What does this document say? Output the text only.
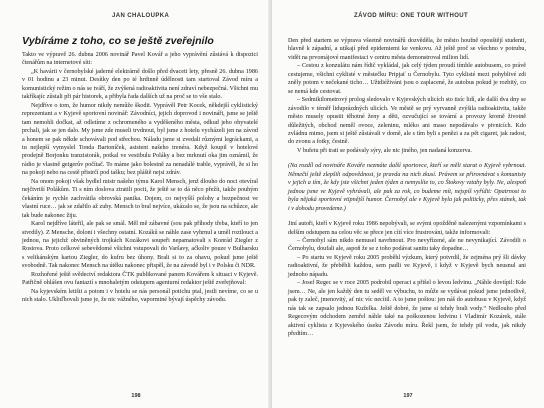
JAN CHALOUPKA
Vybíráme z toho, co se ještě zveřejnilo

Takto ve výpravě 26. dubna 2006 novinář Pavel Kovář a jeho vyprávění zůstává k dispozici čtenářům na internetové síti:

„K havárii v černobylské jaderné elektrárně došlo před dvaceti lety, přesně 26. dubna 1986 v 01 hodinu a 23 minut. Desítky den po té hrdinně údělnosti tam startoval Závod míru a komunistický režim o nás se tváří, že zvýšená radioaktivita není zdraví nebezpečná. Všichni mu takříkajíc zůstali při pár historek, a přibyla řada dalších už na proč se to vše stalo.

Nejdříve o tom, že humor nikdy nemůže škodit. Vyprávěl Petr Kocek, někdejší cyklistický reprezentant a v Kyjevě sportovní novinář: Závodníci, jejich doprovod i novináři, jsme se ještě tam nemohli dočkat, až odletíme z ochromeného a vyděšeného města, odkud jeho obyvatelé prchali, jak se jen dalo. My jsme zde museli trvdnout, byl jsme z hotelu vycházeli jen na závod a honem se pak někde schovávali pod střechou. Náladu jsme si zvedali různými legráckami, a tu nejlepší vymyslel Tonda Bartoníček, asistent našeho trenéra. Když koupil v hotelové prodejně Borjonku tranzistorák, potkal ve vestibulu Poláky a bez mrknutí oka jim oznámil, že rádio je vlastně geigerův počítač. To máme jako bolestně za nenadálé trable, vyprávěl, že si ho na pokoji nebo na cestě přistrčí pod tašku; bez pláště nejsi zdráv.

Na onom pokoji však bydlel mistr našeho týmu Karol Mensch, jenž dlouho do noci otevíral nejčtvrtší Polákům. Ti s ním doslova ztratili pocit, že ještě se to dá něco přežít, takže pouhým čekáním je rychle zachvátila obrovská panika. Dojem, co nejvyšší polohy a bezpečnost ve vlastní ruce… jak se zdařilo až zuby. Mensch to bral nejvíce, ukázalo se, že jsou na schůzce, ale tak bude nakonec žiju.

Karol nejdříve láteřil, ale pak se smál. Měl mě zábavné (sou pak příhody třeba, kteří to jen stvrdily). Z Mensche, doloni i všechny ostatní. Kozáků se náhle zase vyhrnul a uměl roztlouct a jednou, na jejichž obviněných trojkách Kozákovi soupeři nepamatovali s Konrád Ziegler z Rostova. Proto celkové sebevědomé všichni vstupovali do Varšavy, ačkoliv pouze v Bulharsku s velikánským kartou Ziegler, do kufru bez úhony. Brali si to za ohavu, pokud jsme ještě svobodně. Tak nakonec Mensch na útěku nakonec přispěl, že na závodě byl i v Polsku či NDR.

Rozhořené ještě svědectví redaktora ČTK publikované panem Kovářem k situaci v Kyjevě. Patřičně ohlášen ovu fantazií s mnohaletým odstupem agenturní redaktor ještě zveřejňoval:

Na kyjevském letišti a potom i v hotelu se nás personál potichu ptal, jestli nevíme, co se u nich stalo. Ukliďhovali jsme je, že nic vážného, vaporminé bývají úspěchy závodu.

198
ZÁVOD MÍRU: ONE TOUR WITHOUT

Den před startem se výprava všeetně novinářů dozvěděla, že město houfně opouštějí studenti, hlavně k západní, a utíkají před epidemiemi ke venkovu. Až ještě proč se všechno v potrubu, vidět na prvomájové manifestaci v centru města demonstroval milion lidí.

– Cestou z konzulátu nám řídič vykládal, jak celý týden proudí tímhle autobusem, co právě cestujeme, všichni cyklisté v městečku Pripjať u Černobylu. Tyto cyklisté mezi pohyblivé zdi zněly potom v nečekané ticho… Užtdiéživáni jsou o zaplacené, že autobus pokud je rozbitý, co se nemá kde cestovat.

– Sedmikilometrový prolog sledovalo v Kyjevských ulicích sto tisíc lidí, ale další dva dny se závodilo v téměř liduprázdných ulicích. Ve městě se prý vyrvanně zvýšila radioaktivita, takže město musely opustit těhotné ženy a děti, ozvučující se tovární a provozy kromě životně důležitých, obchod neměl ovoce, zeleninu, mléko ani maso nepodávalo v pivnicích. Kdo zvládnu mimo, jsem si ještě zůstávali v domě, ale s tím byli s penězi a za pět cigaret, jak radost, do zvonu a fotky, čestně.

V bufetu při trati se podávaly sýry, ale nic jiného, jen nadaná konzerva.

(Na rozdíl od novináře Kováře nezmáte další sportovce, kteří se měli starat o Kyjevě vybrnout. Němečtí ještě zlepšili odpovědnost, je pravda na nich zkusí. Právem se přirovnávat s komunisty v jejich a tím, že kdy jste všichni jeden týden a nemyslíte to, co Štokovy vztahy byly. Ne, alespoň jednou jsme ve Kyjevě vyhrávali, ale pak za rok, co budeme mít, nejspíš vyřídit: Opatrnost to byla nějaká sportovní vtipnější humor. Černobyl ale v Kyjevě byla jak politicky, přes stánek, tak i v dohodu provedeme.)

Jiní autoři, kteří v Kyjevě roku 1986 nepobývali, se svými opožděně nalezenými vzpomínkami s delším odstupem na celou věc se přece jen cítí více frustrováni, takže informovali:

– Černobyl sám nikdo nemusel navrhnout. Pro nevyřízené, ale ne nevynikající. Závodili o Černobylu, doufali ale, aspoň že se z toho podávat sanitu taky dopadne…

– Po startu ve Kyjevě roku 2005 proběhl výzkum, který potvrdil, že zejména prý šli dávky radioaktivní, že přeběhli každou, sem padli ve Kyjevě, i když v Kyjevě bych neusnul ani jednoho nápadu.

– Josef Regec se v roce 2005 podrobil operaci a přišel o levou ledvinu. „Náhle dovtípil: Kde jsem… Ne, ale jen každý den tu seděl ve výbuchu, to může se vydávat pokud jsme jednotlivě, pak ty zaleč, jmenovitý, ať nic víc necítil. A to jsme poštou: jen náš do autobusu v Kyjevě, když nás tak se zapsalo jednou Kuželka. Ještě dobré, že jsme si tehdy brali vody.“ Nedlouho před Regecovým odchodem zemřel náhle také na poškozenou ledvinu i Vladimír Kozárek, stále aktivní cyklista z Kyjevského úseku Závodu míru. Řekl jsem, že tehdy pil vodu, jak nikdy předtím…

197
